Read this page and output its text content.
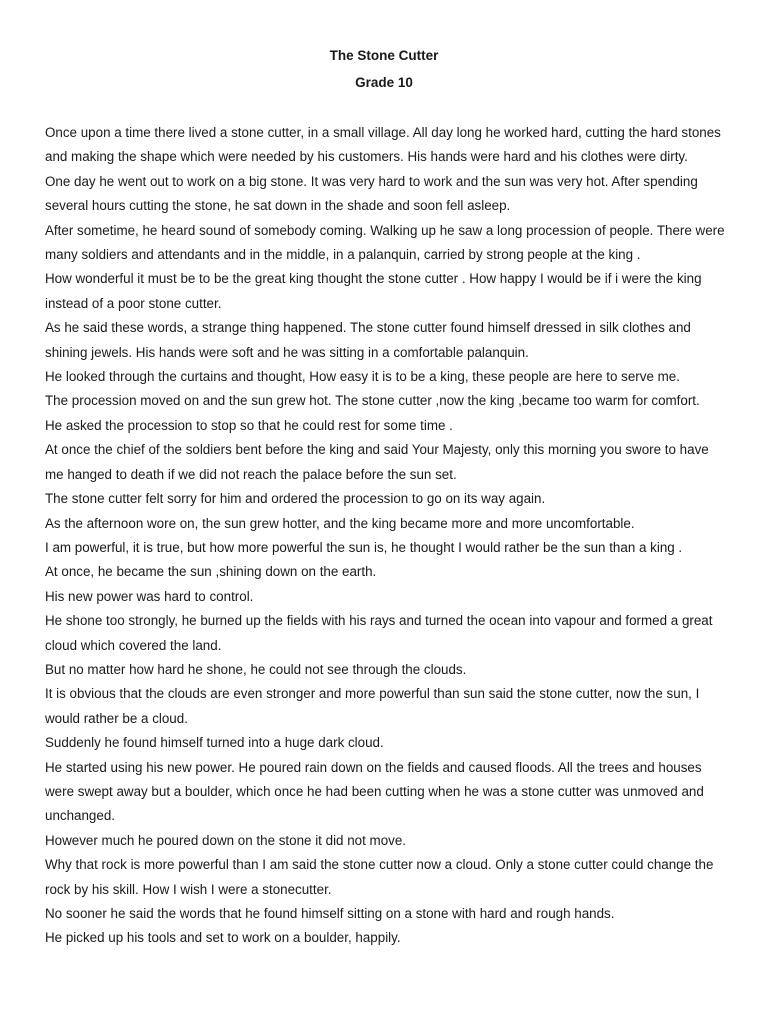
The Stone Cutter
Grade 10

Once upon a time there lived a stone cutter, in a small village. All day long he worked hard, cutting the hard stones and making the shape which were needed by his customers. His hands were hard and his clothes were dirty.

One day he went out to work on a big stone. It was very hard to work and the sun was very hot. After spending several hours cutting the stone, he sat down in the shade and soon fell asleep.

After sometime, he heard sound of somebody coming. Walking up he saw a long procession of people. There were many soldiers and attendants and in the middle, in a palanquin, carried by strong people at the king .

How wonderful it must be to be the great king thought the stone cutter . How happy I would be if i were the king instead of a poor stone cutter.

As he said these words, a strange thing happened. The stone cutter found himself dressed in silk clothes and shining jewels. His hands were soft and he was sitting in a comfortable palanquin.

He looked through the curtains and thought, How easy it is to be a king, these people are here to serve me.

The procession moved on and the sun grew hot. The stone cutter ,now the king ,became too warm for comfort.

He asked the procession to stop so that he could rest for some time .

At once the chief of the soldiers bent before the king and said Your Majesty, only this morning you swore to have me hanged to death if we did not reach the palace before the sun set.

The stone cutter felt sorry for him and ordered the procession to go on its way again.

As the afternoon wore on, the sun grew hotter, and the king became more and more uncomfortable.

I am powerful, it is true, but how more powerful the sun is, he thought I would rather be the sun than a king .

At once, he became the sun ,shining down on the earth.

His new power was hard to control.

He shone too strongly, he burned up the fields with his rays and turned the ocean into vapour and formed a great cloud which covered the land.

But no matter how hard he shone, he could not see through the clouds.

It is obvious that the clouds are even stronger and more powerful than sun said the stone cutter, now the sun, I would rather be a cloud.

Suddenly he found himself turned into a huge dark cloud.

He started using his new power. He poured rain down on the fields and caused floods. All the trees and houses were swept away but a boulder, which once he had been cutting when he was a stone cutter was unmoved and unchanged.

However much he poured down on the stone it did not move.

Why that rock is more powerful than I am said the stone cutter now a cloud. Only a stone cutter could change the rock by his skill. How I wish I were a stonecutter.

No sooner he said the words that he found himself sitting on a stone with hard and rough hands.

He picked up his tools and set to work on a boulder, happily.
